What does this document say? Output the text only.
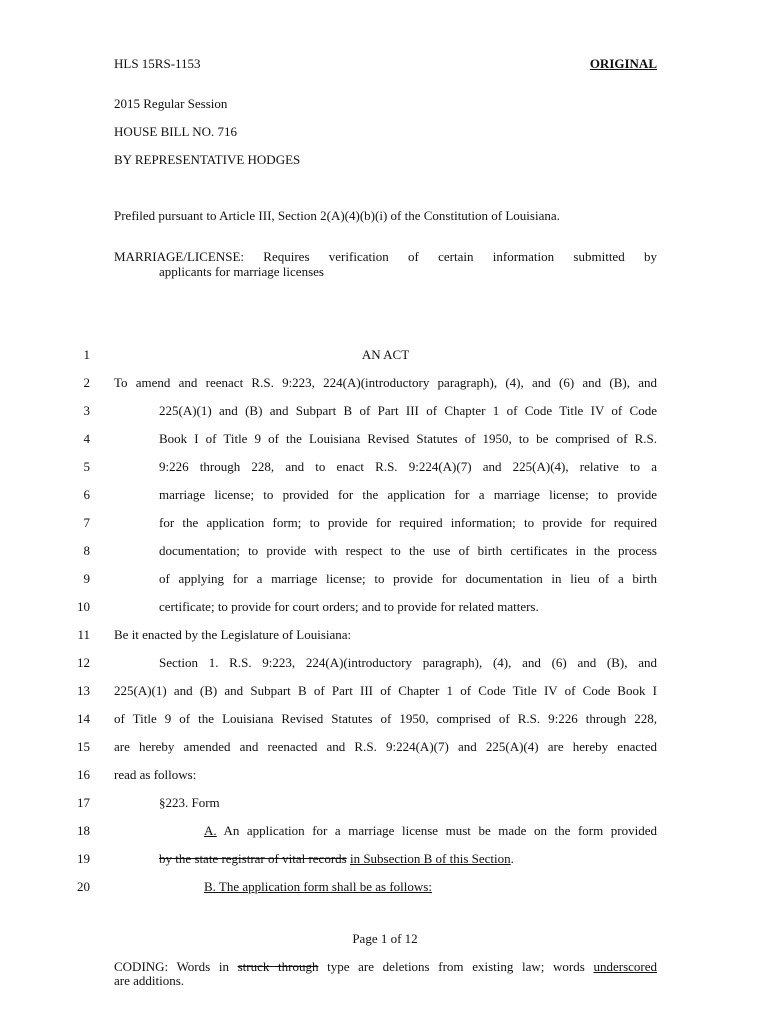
HLS 15RS-1153	ORIGINAL
2015 Regular Session
HOUSE BILL NO. 716
BY REPRESENTATIVE HODGES
Prefiled pursuant to Article III, Section 2(A)(4)(b)(i) of the Constitution of Louisiana.
MARRIAGE/LICENSE: Requires verification of certain information submitted by
applicants for marriage licenses
1	AN ACT
2 To amend and reenact R.S. 9:223, 224(A)(introductory paragraph), (4), and (6) and (B), and
3	225(A)(1) and (B) and Subpart B of Part III of Chapter 1 of Code Title IV of Code
4	Book I of Title 9 of the Louisiana Revised Statutes of 1950, to be comprised of R.S.
5	9:226 through 228, and to enact R.S. 9:224(A)(7) and 225(A)(4), relative to a
6	marriage license; to provided for the application for a marriage license; to provide
7	for the application form; to provide for required information; to provide for required
8	documentation; to provide with respect to the use of birth certificates in the process
9	of applying for a marriage license; to provide for documentation in lieu of a birth
10	certificate; to provide for court orders; and to provide for related matters.
11 Be it enacted by the Legislature of Louisiana:
12	Section 1. R.S. 9:223, 224(A)(introductory paragraph), (4), and (6) and (B), and
13 225(A)(1) and (B) and Subpart B of Part III of Chapter 1 of Code Title IV of Code Book I
14 of Title 9 of the Louisiana Revised Statutes of 1950, comprised of R.S. 9:226 through 228,
15 are hereby amended and reenacted and R.S. 9:224(A)(7) and 225(A)(4) are hereby enacted
16 read as follows:
17	§223. Form
18	A. An application for a marriage license must be made on the form provided
19	by the state registrar of vital records in Subsection B of this Section.
20	B. The application form shall be as follows:
Page 1 of 12
CODING: Words in struck through type are deletions from existing law; words underscored
are additions.
